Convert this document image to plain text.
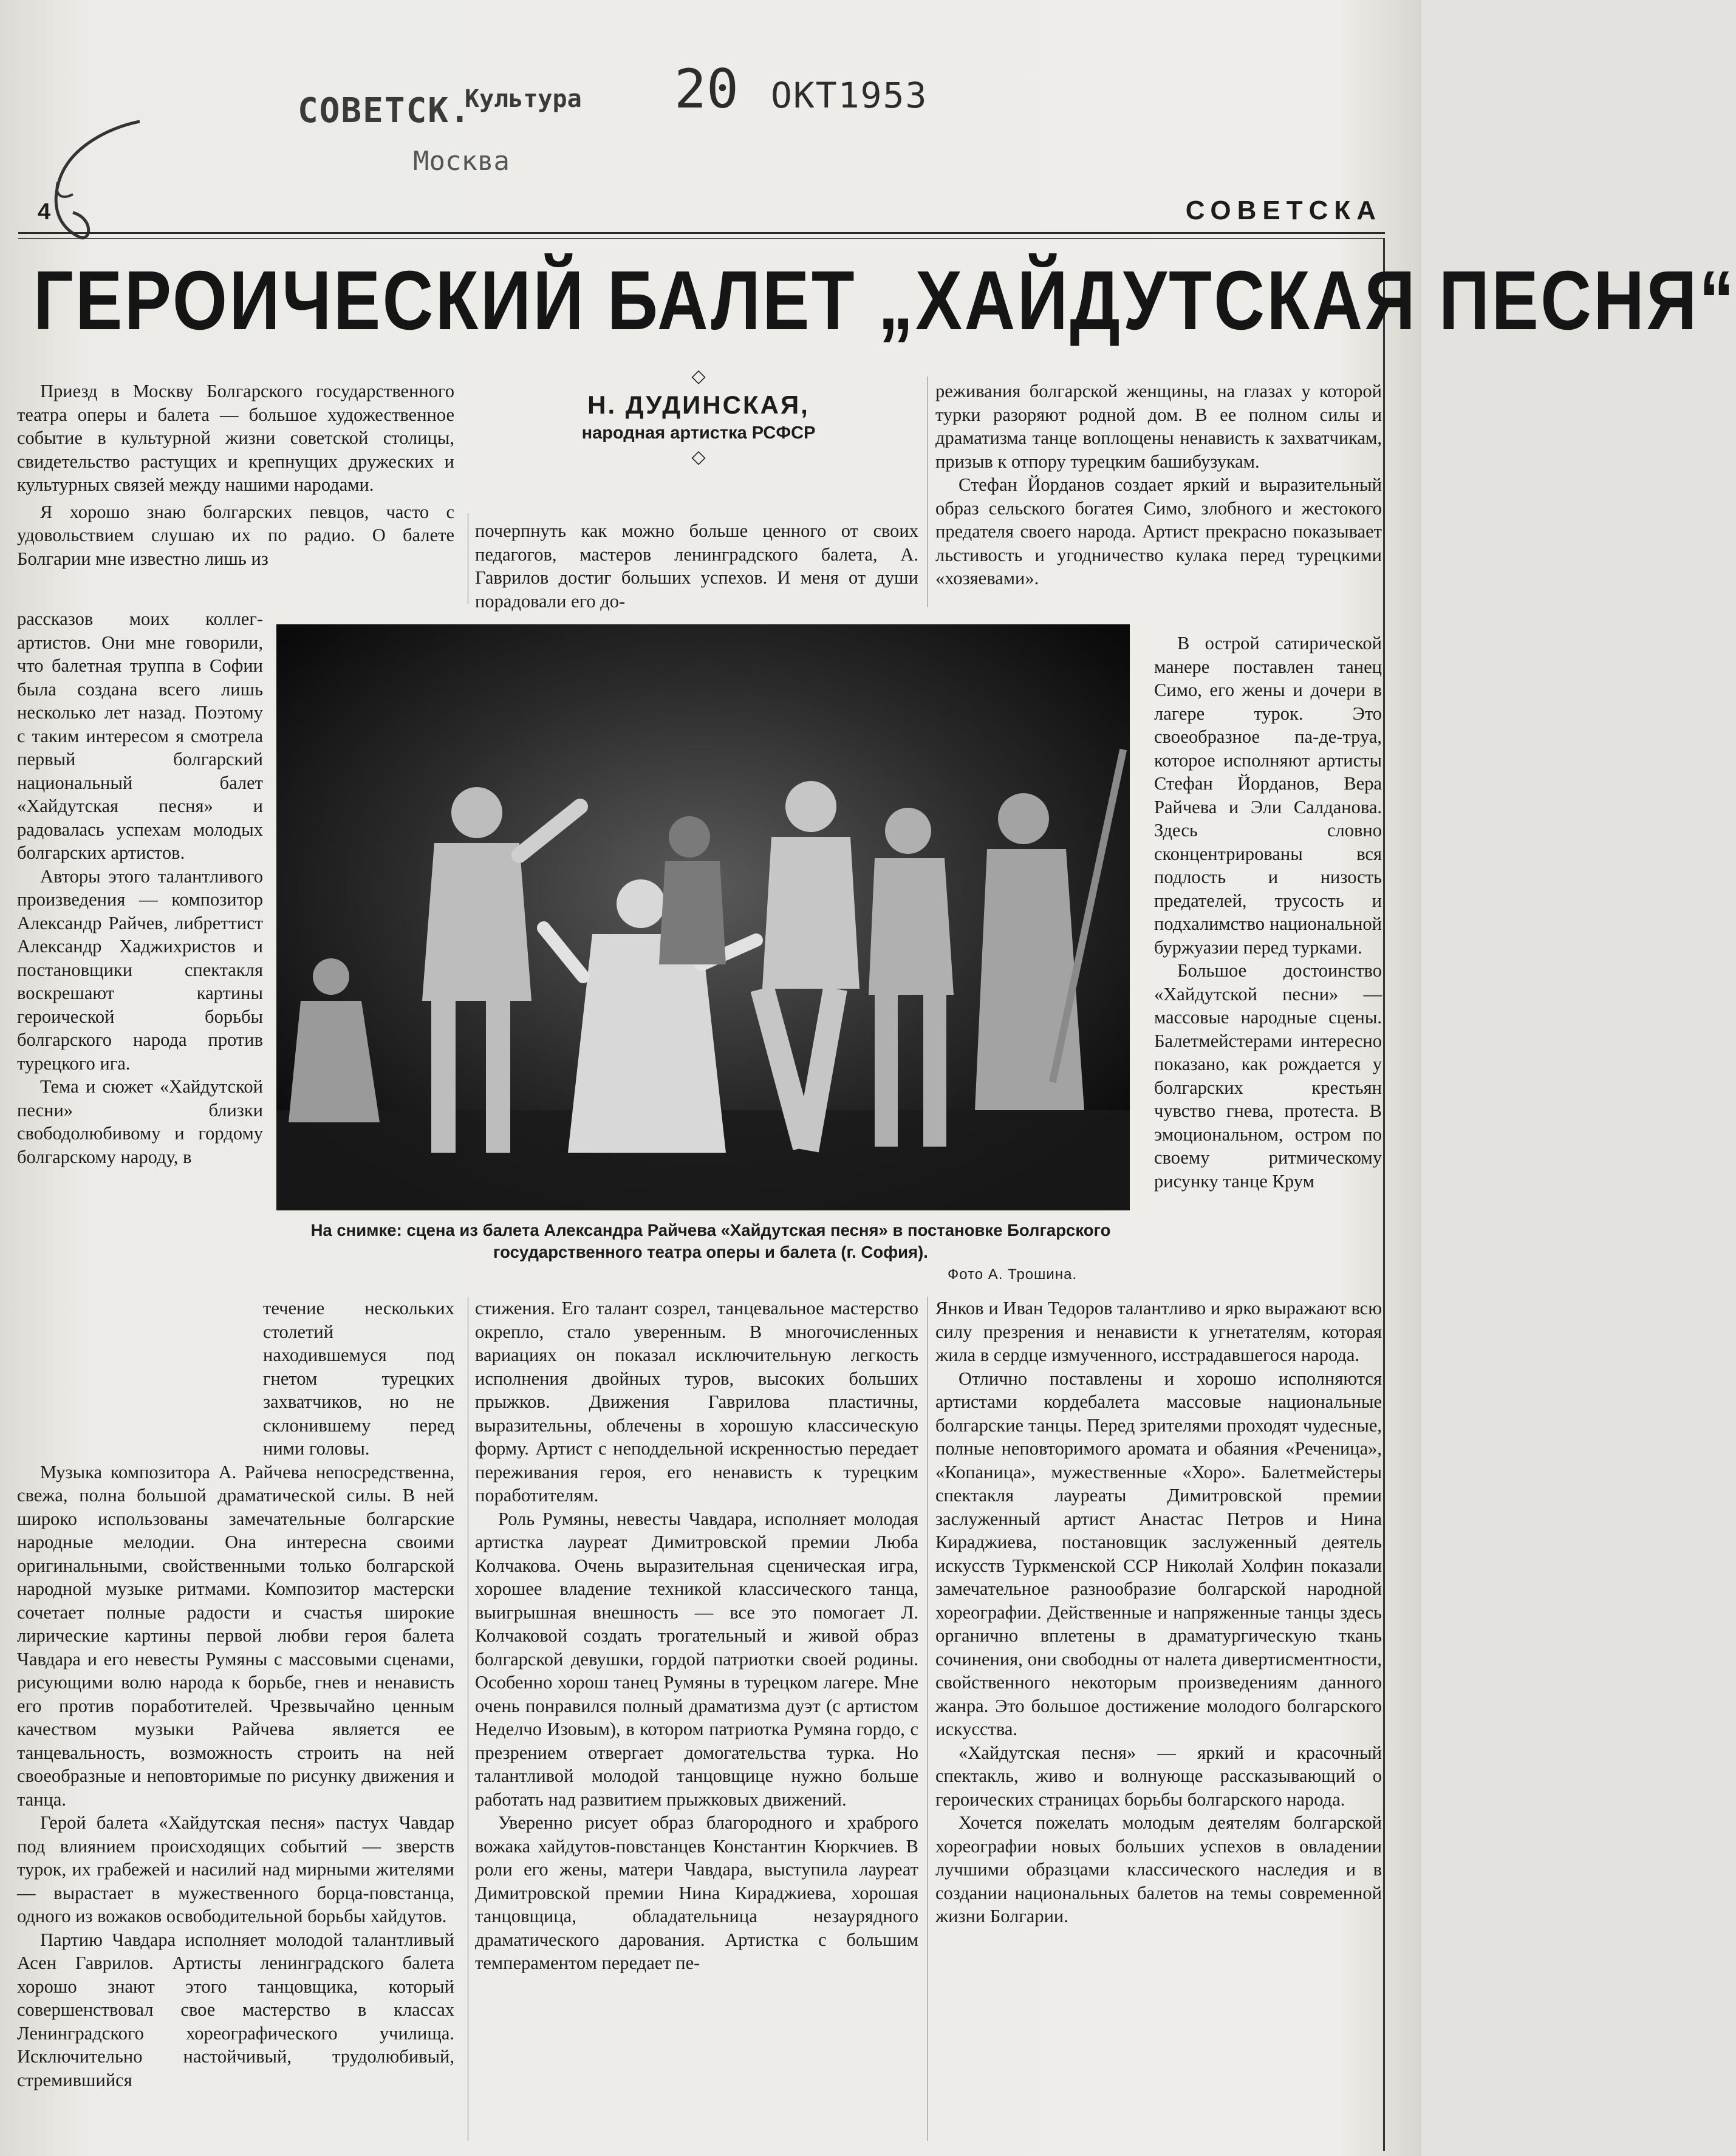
СОВЕТСК.
Культура
Москва
20 ОКТ1953
4	СОВЕТСКА
ГЕРОИЧЕСКИЙ БАЛЕТ „ХАЙДУТСКАЯ ПЕСНЯ“
◇
Н. ДУДИНСКАЯ,
народная артистка РСФСР
◇

Приезд в Москву Болгарского государственного театра оперы и балета — большое художественное событие в культурной жизни советской столицы, свидетельство растущих и крепнущих дружеских и культурных связей между нашими народами.

Я хорошо знаю болгарских певцов, часто с удовольствием слушаю их по радио. О балете Болгарии мне известно лишь из

почерпнуть как можно больше ценного от своих педагогов, мастеров ленинградского балета, А. Гаврилов достиг больших успехов. И меня от души порадовали его до-

реживания болгарской женщины, на глазах у которой турки разоряют родной дом. В ее полном силы и драматизма танце воплощены ненависть к захватчикам, призыв к отпору турецким башибузукам.

Стефан Йорданов создает яркий и выразительный образ сельского богатея Симо, злобного и жестокого предателя своего народа. Артист прекрасно показывает льстивость и угодничество кулака перед турецкими «хозяевами».

рассказов моих коллег-артистов. Они мне говорили, что балетная труппа в Софии была создана всего лишь несколько лет назад. Поэтому с таким интересом я смотрела первый болгарский национальный балет «Хайдутская песня» и радовалась успехам молодых болгарских артистов.

Авторы этого талантливого произведения — композитор Александр Райчев, либреттист Александр Хаджихристов и постановщики спектакля воскрешают картины героической борьбы болгарского народа против турецкого ига.

Тема и сюжет «Хайдутской песни» близки свободолюбивому и гордому болгарскому народу, в

В острой сатирической манере поставлен танец Симо, его жены и дочери в лагере турок. Это своеобразное па-де-труа, которое исполняют артисты Стефан Йорданов, Вера Райчева и Эли Салданова. Здесь словно сконцентрированы вся подлость и низость предателей, трусость и подхалимство национальной буржуазии перед турками.

Большое достоинство «Хайдутской песни» — массовые народные сцены. Балетмейстерами интересно показано, как рождается у болгарских крестьян чувство гнева, протеста. В эмоциональном, остром по своему ритмическому рисунку танце Крум

На снимке: сцена из балета Александра Райчева «Хайдутская песня» в постановке Болгарского государственного театра оперы и балета (г. София).
Фото А. Трошина.

течение нескольких столетий находившемуся под гнетом турецких захватчиков, но не склонившему перед ними головы.

Музыка композитора А. Райчева непосредственна, свежа, полна большой драматической силы. В ней широко использованы замечательные болгарские народные мелодии. Она интересна своими оригинальными, свойственными только болгарской народной музыке ритмами. Композитор мастерски сочетает полные радости и счастья широкие лирические картины первой любви героя балета Чавдара и его невесты Румяны с массовыми сценами, рисующими волю народа к борьбе, гнев и ненависть его против поработителей. Чрезвычайно ценным качеством музыки Райчева является ее танцевальность, возможность строить на ней своеобразные и неповторимые по рисунку движения и танца.

Герой балета «Хайдутская песня» пастух Чавдар под влиянием происходящих событий — зверств турок, их грабежей и насилий над мирными жителями — вырастает в мужественного борца-повстанца, одного из вожаков освободительной борьбы хайдутов.

Партию Чавдара исполняет молодой талантливый Асен Гаврилов. Артисты ленинградского балета хорошо знают этого танцовщика, который совершенствовал свое мастерство в классах Ленинградского хореографического училища. Исключительно настойчивый, трудолюбивый, стремившийся

стижения. Его талант созрел, танцевальное мастерство окрепло, стало уверенным. В многочисленных вариациях он показал исключительную легкость исполнения двойных туров, высоких больших прыжков. Движения Гаврилова пластичны, выразительны, облечены в хорошую классическую форму. Артист с неподдельной искренностью передает переживания героя, его ненависть к турецким поработителям.

Роль Румяны, невесты Чавдара, исполняет молодая артистка лауреат Димитровской премии Люба Колчакова. Очень выразительная сценическая игра, хорошее владение техникой классического танца, выигрышная внешность — все это помогает Л. Колчаковой создать трогательный и живой образ болгарской девушки, гордой патриотки своей родины. Особенно хорош танец Румяны в турецком лагере. Мне очень понравился полный драматизма дуэт (с артистом Неделчо Изовым), в котором патриотка Румяна гордо, с презрением отвергает домогательства турка. Но талантливой молодой танцовщице нужно больше работать над развитием прыжковых движений.

Уверенно рисует образ благородного и храброго вожака хайдутов-повстанцев Константин Кюркчиев. В роли его жены, матери Чавдара, выступила лауреат Димитровской премии Нина Кираджиева, хорошая танцовщица, обладательница незаурядного драматического дарования. Артистка с большим темпераментом передает пе-

Янков и Иван Тедоров талантливо и ярко выражают всю силу презрения и ненависти к угнетателям, которая жила в сердце измученного, исстрадавшегося народа.

Отлично поставлены и хорошо исполняются артистами кордебалета массовые национальные болгарские танцы. Перед зрителями проходят чудесные, полные неповторимого аромата и обаяния «Реченица», «Копаница», мужественные «Хоро». Балетмейстеры спектакля лауреаты Димитровской премии заслуженный артист Анастас Петров и Нина Кираджиева, постановщик заслуженный деятель искусств Туркменской ССР Николай Холфин показали замечательное разнообразие болгарской народной хореографии. Действенные и напряженные танцы здесь органично вплетены в драматургическую ткань сочинения, они свободны от налета дивертисментности, свойственного некоторым произведениям данного жанра. Это большое достижение молодого болгарского искусства.

«Хайдутская песня» — яркий и красочный спектакль, живо и волнующе рассказывающий о героических страницах борьбы болгарского народа.

Хочется пожелать молодым деятелям болгарской хореографии новых больших успехов в овладении лучшими образцами классического наследия и в создании национальных балетов на темы современной жизни Болгарии.
